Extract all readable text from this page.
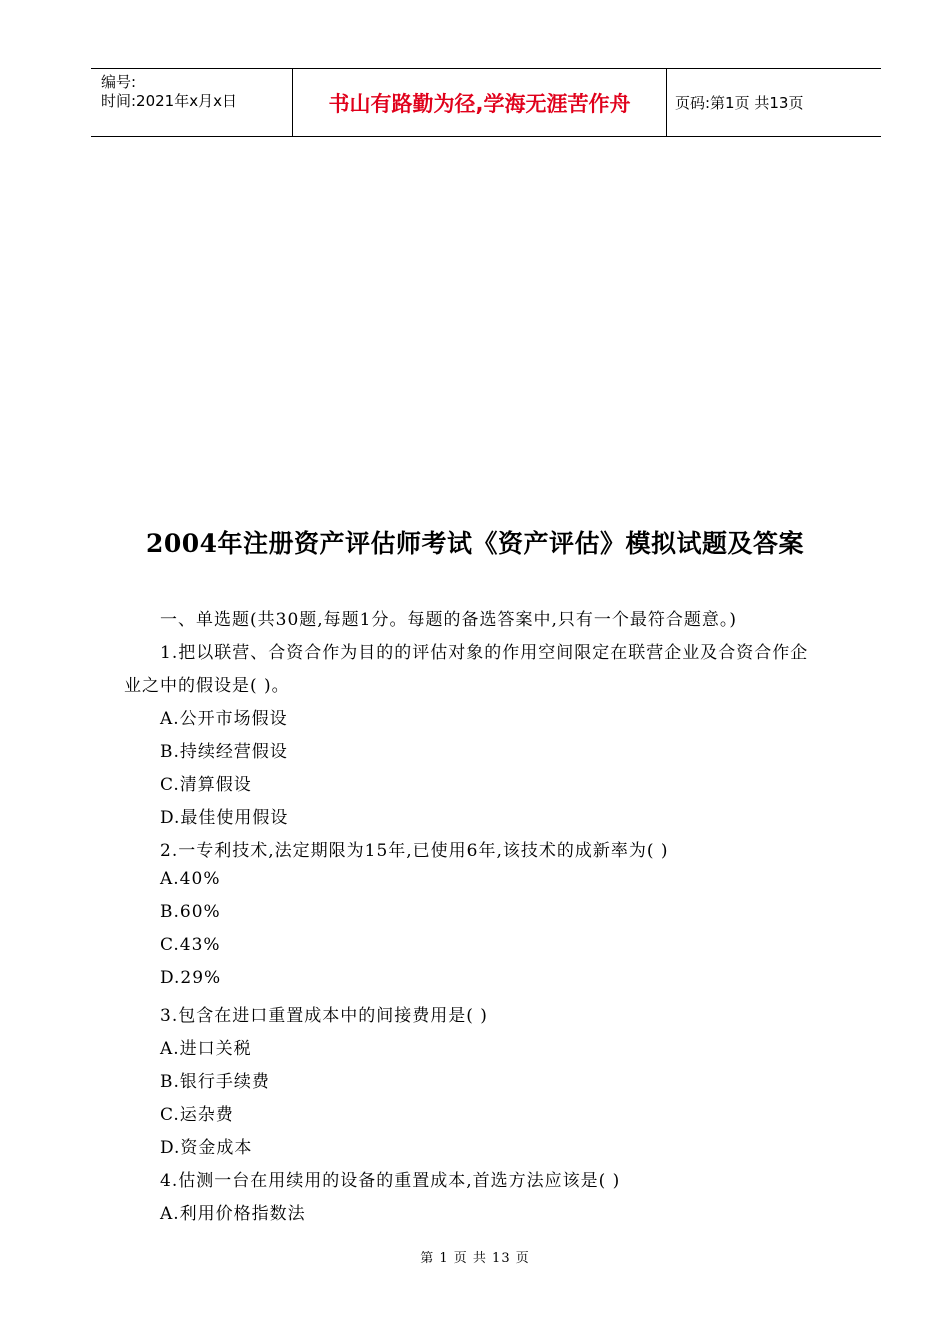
编号:
时间:2021年x月x日	书山有路勤为径,学海无涯苦作舟	页码:第1页 共13页
2004年注册资产评估师考试《资产评估》模拟试题及答案
一、单选题(共30题,每题1分。每题的备选答案中,只有一个最符合题意。)
1.把以联营、合资合作为目的的评估对象的作用空间限定在联营企业及合资合作企
业之中的假设是( )。
A.公开市场假设
B.持续经营假设
C.清算假设
D.最佳使用假设
2.一专利技术,法定期限为15年,已使用6年,该技术的成新率为( )
A.40%
B.60%
C.43%
D.29%
3.包含在进口重置成本中的间接费用是( )
A.进口关税
B.银行手续费
C.运杂费
D.资金成本
4.估测一台在用续用的设备的重置成本,首选方法应该是( )
A.利用价格指数法
第 1 页 共 13 页
